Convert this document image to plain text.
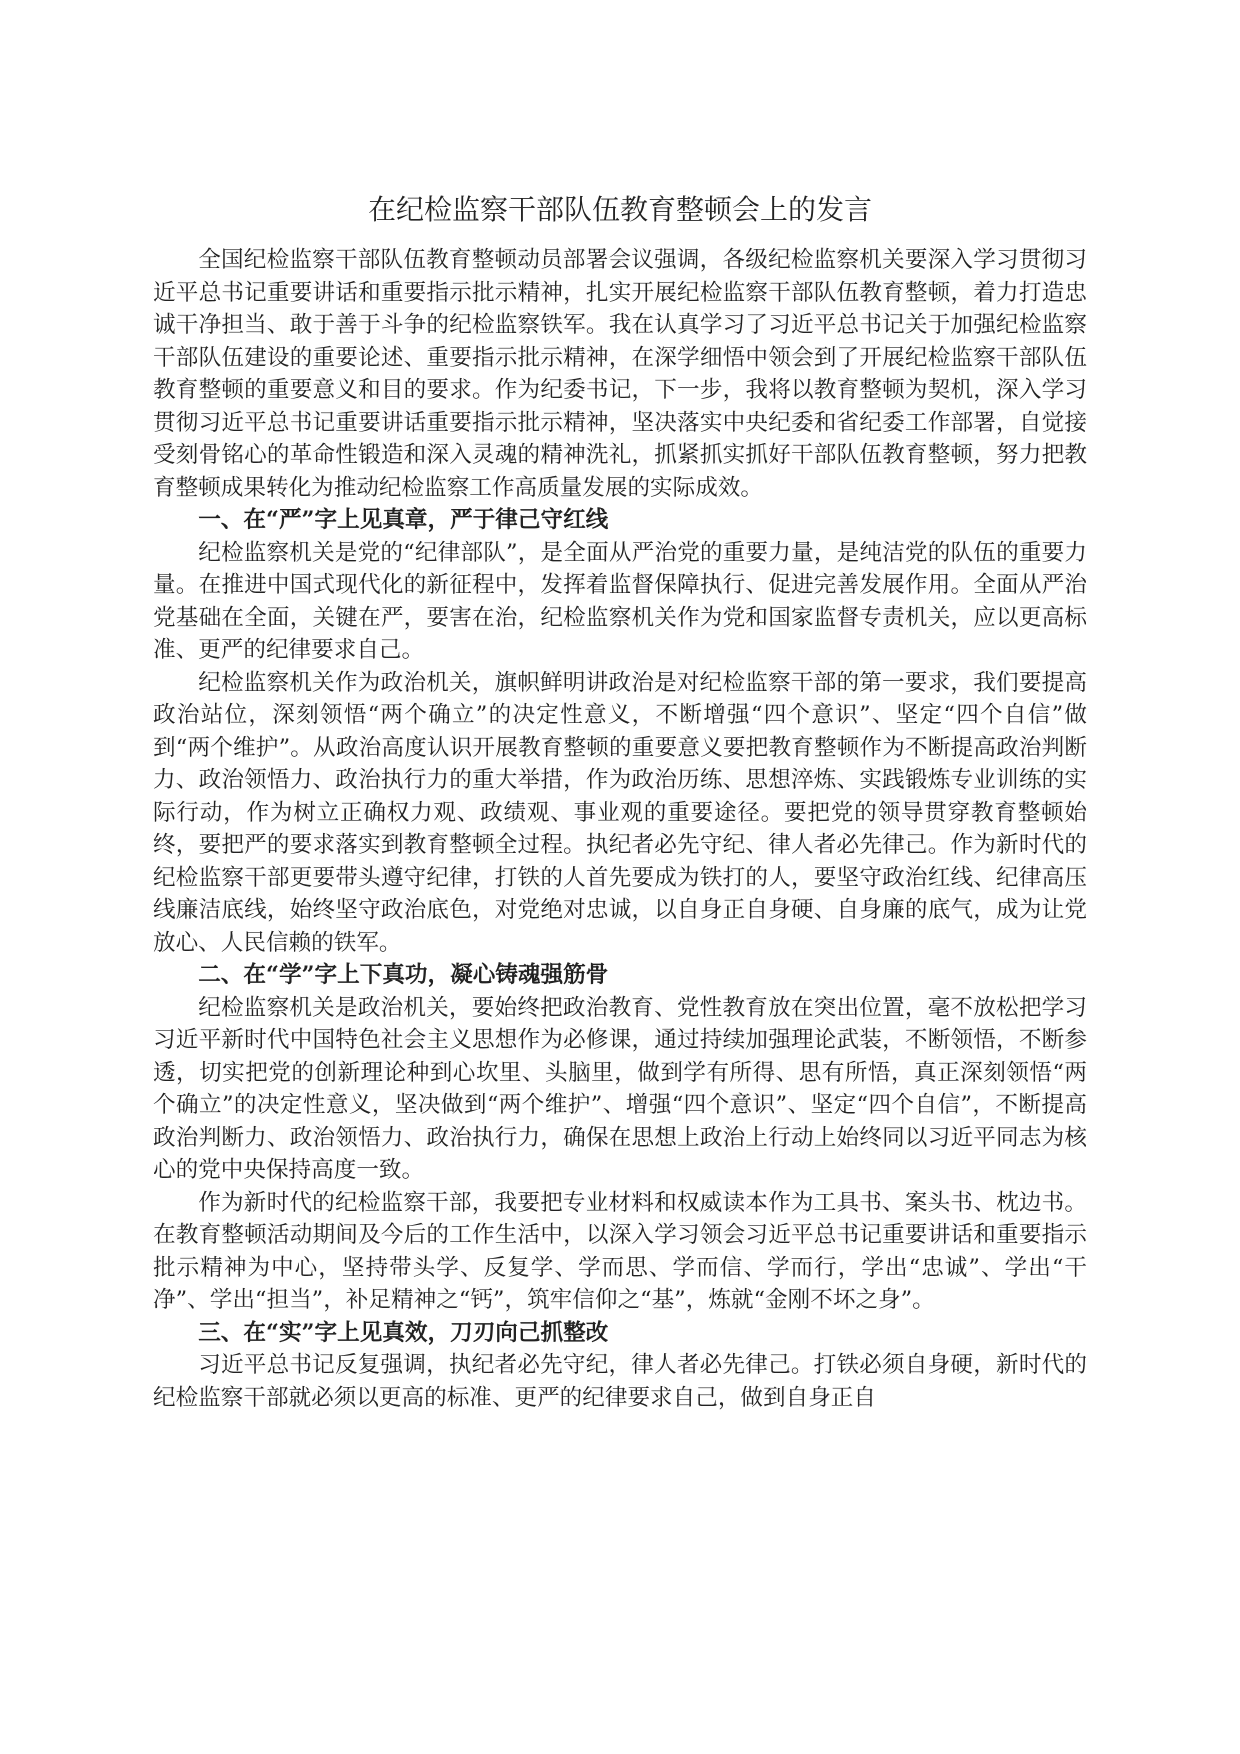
在纪检监察干部队伍教育整顿会上的发言

全国纪检监察干部队伍教育整顿动员部署会议强调，各级纪检监察机关要深入学习贯彻习近平总书记重要讲话和重要指示批示精神，扎实开展纪检监察干部队伍教育整顿，着力打造忠诚干净担当、敢于善于斗争的纪检监察铁军。我在认真学习了习近平总书记关于加强纪检监察干部队伍建设的重要论述、重要指示批示精神，在深学细悟中领会到了开展纪检监察干部队伍教育整顿的重要意义和目的要求。作为纪委书记，下一步，我将以教育整顿为契机，深入学习贯彻习近平总书记重要讲话重要指示批示精神，坚决落实中央纪委和省纪委工作部署，自觉接受刻骨铭心的革命性锻造和深入灵魂的精神洗礼，抓紧抓实抓好干部队伍教育整顿，努力把教育整顿成果转化为推动纪检监察工作高质量发展的实际成效。

一、在“严”字上见真章，严于律己守红线

纪检监察机关是党的“纪律部队”，是全面从严治党的重要力量，是纯洁党的队伍的重要力量。在推进中国式现代化的新征程中，发挥着监督保障执行、促进完善发展作用。全面从严治党基础在全面，关键在严，要害在治，纪检监察机关作为党和国家监督专责机关，应以更高标准、更严的纪律要求自己。

纪检监察机关作为政治机关，旗帜鲜明讲政治是对纪检监察干部的第一要求，我们要提高政治站位，深刻领悟“两个确立”的决定性意义，不断增强“四个意识”、坚定“四个自信”做到“两个维护”。从政治高度认识开展教育整顿的重要意义要把教育整顿作为不断提高政治判断力、政治领悟力、政治执行力的重大举措，作为政治历练、思想淬炼、实践锻炼专业训练的实际行动，作为树立正确权力观、政绩观、事业观的重要途径。要把党的领导贯穿教育整顿始终，要把严的要求落实到教育整顿全过程。执纪者必先守纪、律人者必先律己。作为新时代的纪检监察干部更要带头遵守纪律，打铁的人首先要成为铁打的人，要坚守政治红线、纪律高压线廉洁底线，始终坚守政治底色，对党绝对忠诚，以自身正自身硬、自身廉的底气，成为让党放心、人民信赖的铁军。

二、在“学”字上下真功，凝心铸魂强筋骨

纪检监察机关是政治机关，要始终把政治教育、党性教育放在突出位置，毫不放松把学习习近平新时代中国特色社会主义思想作为必修课，通过持续加强理论武装，不断领悟，不断参透，切实把党的创新理论种到心坎里、头脑里，做到学有所得、思有所悟，真正深刻领悟“两个确立”的决定性意义，坚决做到“两个维护”、增强“四个意识”、坚定“四个自信”，不断提高政治判断力、政治领悟力、政治执行力，确保在思想上政治上行动上始终同以习近平同志为核心的党中央保持高度一致。

作为新时代的纪检监察干部，我要把专业材料和权威读本作为工具书、案头书、枕边书。在教育整顿活动期间及今后的工作生活中，以深入学习领会习近平总书记重要讲话和重要指示批示精神为中心，坚持带头学、反复学、学而思、学而信、学而行，学出“忠诚”、学出“干净”、学出“担当”，补足精神之“钙”，筑牢信仰之“基”，炼就“金刚不坏之身”。

三、在“实”字上见真效，刀刃向己抓整改

习近平总书记反复强调，执纪者必先守纪，律人者必先律己。打铁必须自身硬，新时代的纪检监察干部就必须以更高的标准、更严的纪律要求自己，做到自身正自
